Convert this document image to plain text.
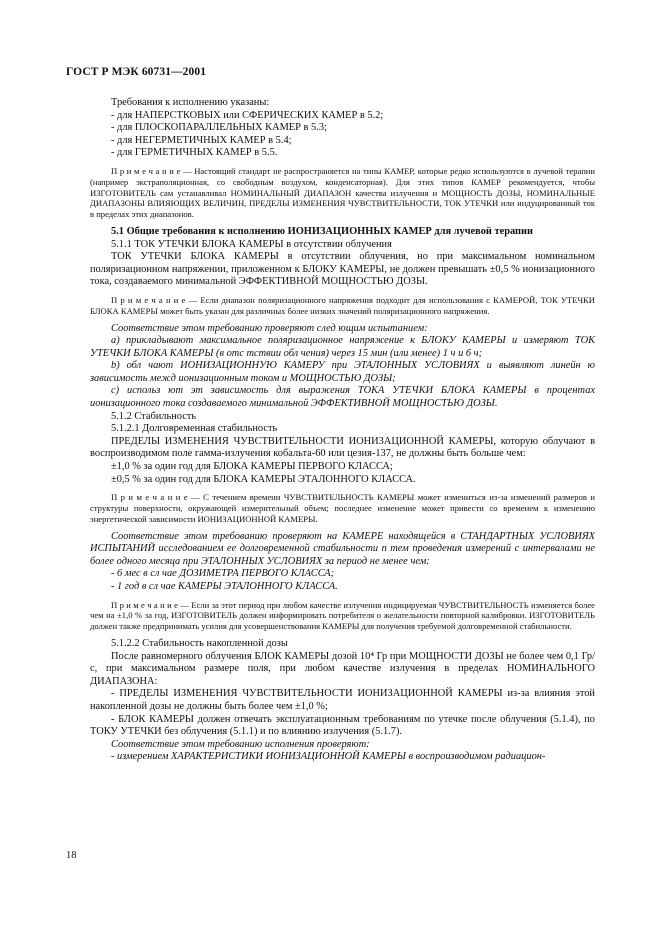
ГОСТ Р МЭК 60731—2001

Требования к исполнению указаны:

- для НАПЕРСТКОВЫХ или СФЕРИЧЕСКИХ КАМЕР в 5.2;

- для ПЛОСКОПАРАЛЛЕЛЬНЫХ КАМЕР в 5.3;

- для НЕГЕРМЕТИЧНЫХ КАМЕР в 5.4;

- для ГЕРМЕТИЧНЫХ КАМЕР в 5.5.

П р и м е ч а н и е — Настоящий стандарт не распространяется на типы КАМЕР, которые редко используются в лучевой терапии (например экстраполяционная, со свободным воздухом, конденсаторная). Для этих типов КАМЕР рекомендуется, чтобы ИЗГОТОВИТЕЛЬ сам устанавливал НОМИНАЛЬНЫЙ ДИАПАЗОН качества излучения и МОЩНОСТЬ ДОЗЫ, НОМИНАЛЬНЫЕ ДИАПАЗОНЫ ВЛИЯЮЩИХ ВЕЛИЧИН, ПРЕДЕЛЫ ИЗМЕНЕНИЯ ЧУВСТВИТЕЛЬНОСТИ, ТОК УТЕЧКИ или индуцированный ток в пределах этих диапазонов.

5.1 Общие требования к исполнению ИОНИЗАЦИОННЫХ КАМЕР для лучевой терапии

5.1.1 ТОК УТЕЧКИ БЛОКА КАМЕРЫ в отсутствии облучения

ТОК УТЕЧКИ БЛОКА КАМЕРЫ в отсутствии облучения, но при максимальном номинальном поляризационном напряжении, приложенном к БЛОКУ КАМЕРЫ, не должен превышать ±0,5 % ионизационного тока, создаваемого минимальной ЭФФЕКТИВНОЙ МОЩНОСТЬЮ ДОЗЫ.

П р и м е ч а н и е — Если диапазон поляризационного напряжения подходит для использования с КАМЕРОЙ, ТОК УТЕЧКИ БЛОКА КАМЕРЫ может быть указан для различных более низких значений поляризационного напряжения.

Соответствие этом требованию проверяют след ющим испытанием:

а) прикладывают максимальное поляризационное напряжение к БЛОКУ КАМЕРЫ и измеряют ТОК УТЕЧКИ БЛОКА КАМЕРЫ (в отс тствии обл чения) через 15 мин (или менее) 1 ч и 6 ч;

b) обл чают ИОНИЗАЦИОННУЮ КАМЕРУ при ЭТАЛОННЫХ УСЛОВИЯХ и выявляют линейн ю зависимость межд ионизационным током и МОЩНОСТЬЮ ДОЗЫ;

с) использ ют эт зависимость для выражения ТОКА УТЕЧКИ БЛОКА КАМЕРЫ в процентах ионизационного тока создаваемого минимальной ЭФФЕКТИВНОЙ МОЩНОСТЬЮ ДОЗЫ.

5.1.2 Стабильность

5.1.2.1 Долговременная стабильность

ПРЕДЕЛЫ ИЗМЕНЕНИЯ ЧУВСТВИТЕЛЬНОСТИ ИОНИЗАЦИОННОЙ КАМЕРЫ, которую облучают в воспроизводимом поле гамма-излучения кобальта-60 или цезия-137, не должны быть больше чем:

±1,0 % за один год для БЛОКА КАМЕРЫ ПЕРВОГО КЛАССА;

±0,5 % за один год для БЛОКА КАМЕРЫ ЭТАЛОННОГО КЛАССА.

П р и м е ч а н и е — С течением времени ЧУВСТВИТЕЛЬНОСТЬ КАМЕРЫ может измениться из-за изменений размеров и структуры поверхности, окружающей измерительный объем; последнее изменение может привести со временем к изменению энергетической зависимости ИОНИЗАЦИОННОЙ КАМЕРЫ.

Соответствие этом требованию проверяют на КАМЕРЕ находящейся в СТАНДАРТНЫХ УСЛОВИЯХ ИСПЫТАНИЙ исследованием ее долговременной стабильности п тем проведения измерений с интервалами не более одного месяца при ЭТАЛОННЫХ УСЛОВИЯХ за период не менее чем:

- 6 мес в сл чае ДОЗИМЕТРА ПЕРВОГО КЛАССА;

- 1 год в сл чае КАМЕРЫ ЭТАЛОННОГО КЛАССА.

П р и м е ч а н и е — Если за этот период при любом качестве излучения индицируемая ЧУВСТВИТЕЛЬНОСТЬ изменяется более чем на ±1,0 % за год, ИЗГОТОВИТЕЛЬ должен информировать потребителя о желательности повторной калибровки. ИЗГОТОВИТЕЛЬ должен также предпринимать усилия для усовершенствования КАМЕРЫ для получения требуемой долговременной стабильности.

5.1.2.2 Стабильность накопленной дозы

После равномерного облучения БЛОК КАМЕРЫ дозой 10⁴ Гр при МОЩНОСТИ ДОЗЫ не более чем 0,1 Гр/с, при максимальном размере поля, при любом качестве излучения в пределах НОМИНАЛЬНОГО ДИАПАЗОНА:

- ПРЕДЕЛЫ ИЗМЕНЕНИЯ ЧУВСТВИТЕЛЬНОСТИ ИОНИЗАЦИОННОЙ КАМЕРЫ из-за влияния этой накопленной дозы не должны быть более чем ±1,0 %;

- БЛОК КАМЕРЫ должен отвечать эксплуатационным требованиям по утечке после облучения (5.1.4), по ТОКУ УТЕЧКИ без облучения (5.1.1) и по влиянию излучения (5.1.7).

Соответствие этом требованию исполнения проверяют:

- измерением ХАРАКТЕРИСТИКИ ИОНИЗАЦИОННОЙ КАМЕРЫ в воспроизводимом радиацион-

18
